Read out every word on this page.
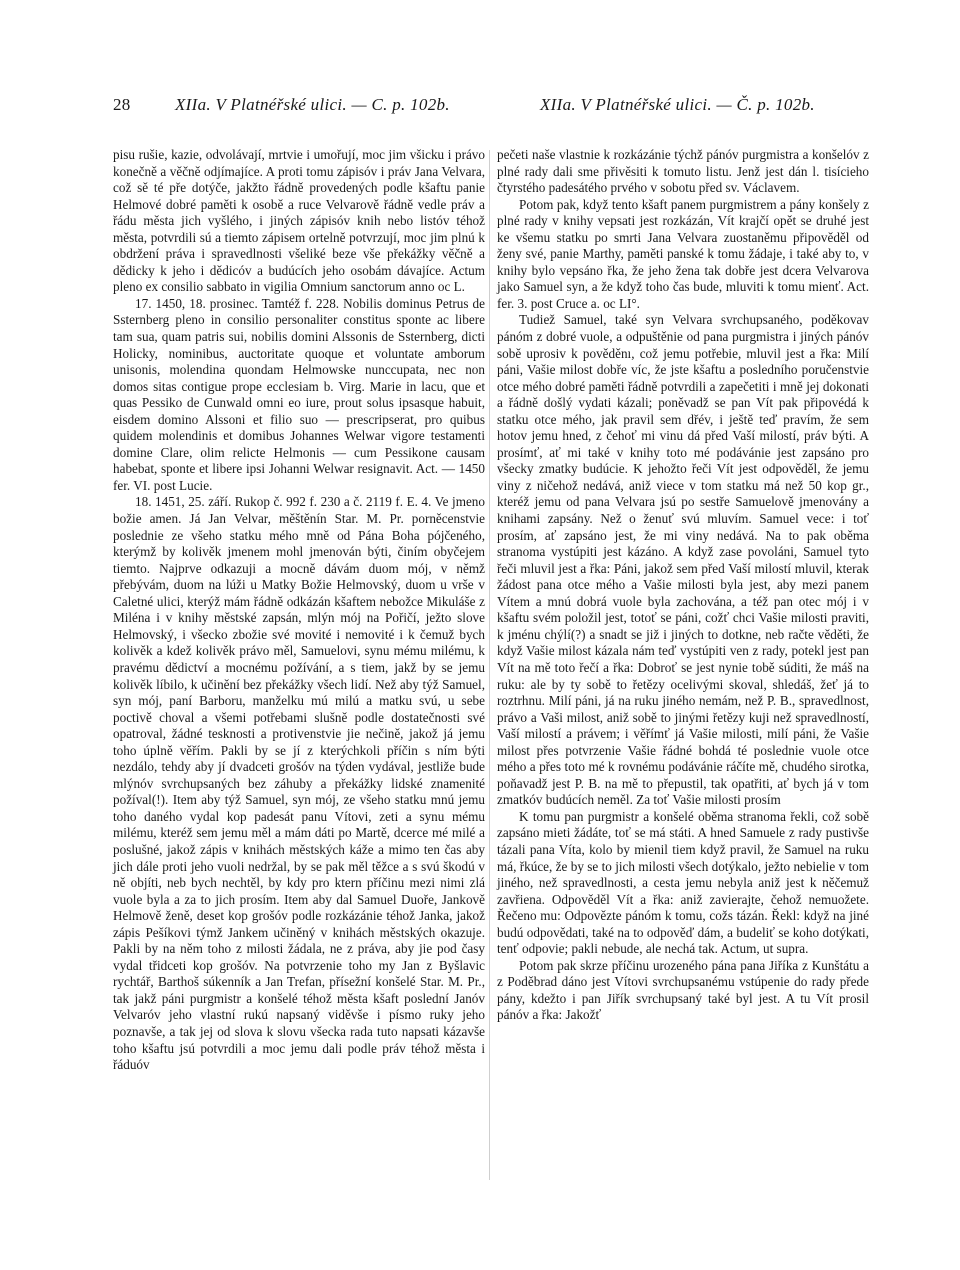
28	XIIa. V Platnéřské ulici. — C. p. 102b.	XIIa. V Platnéřské ulici. — Č. p. 102b.

pisu rušie, kazie, odvolávají, mrtvie i umořují, moc jim všicku i právo konečně a věčně odjímajíce. A proti tomu zápisóv i práv Jana Velvara, což sě té pře dotýče, jakžto řádně provedených podle kšaftu panie Helmové dobré paměti k osobě a ruce Velvarově řádně vedle práv a řádu města jich vyšlého, i jiných zápisóv knih nebo listóv téhož města, potvrdili sú a tiemto zápisem ortelně potvrzují, moc jim plnú k obdržení práva i spravedlnosti všeliké beze vše překážky věčně a dědicky k jeho i dědicóv a budúcích jeho osobám dávajíce. Actum pleno ex consilio sabbato in vigilia Omnium sanctorum anno oc L.

17. 1450, 18. prosinec. Tamtéž f. 228. Nobilis dominus Petrus de Ssternberg pleno in consilio personaliter constitus sponte ac libere tam sua, quam patris sui, nobilis domini Alssonis de Ssternberg, dicti Holicky, nominibus, auctoritate quoque et voluntate amborum unisonis, molendina quondam Helmowske nunccupata, nec non domos sitas contigue prope ecclesiam b. Virg. Marie in lacu, que et quas Pessiko de Cunwald omni eo iure, prout solus ipsasque habuit, eisdem domino Alssoni et filio suo — prescripserat, pro quibus quidem molendinis et domibus Johannes Welwar vigore testamenti domine Clare, olim relicte Helmonis — cum Pessikone causam habebat, sponte et libere ipsi Johanni Welwar resignavit. Act. — 1450 fer. VI. post Lucie.

18. 1451, 25. září. Rukop č. 992 f. 230 a č. 2119 f. E. 4. Ve jmeno božie amen. Já Jan Velvar, měštěnín Star. M. Pr. porněcenstvie poslednie ze všeho statku mého mně od Pána Boha pójčeného, kterýmž by kolivěk jmenem mohl jmenován býti, činím obyčejem tiemto. Najprve odkazuji a mocně dávám duom mój, v němž přebývám, duom na lúži u Matky Božie Helmovský, duom u vrše v Caletné ulici, kterýž mám řádně odkázán kšaftem nebožce Mikuláše z Miléna i v knihy městské zapsán, mlýn mój na Pořičí, ježto slove Helmovský, i všecko zbožie své movité i nemovité i k čemuž bych kolivěk a kdež kolivěk právo měl, Samuelovi, synu mému milému, k pravému dědictví a mocnému požívání, a s tiem, jakž by se jemu kolivěk líbilo, k učinění bez překážky všech lidí. Než aby týž Samuel, syn mój, paní Barboru, manželku mú milú a matku svú, u sebe poctivě choval a všemi potřebami slušně podle dostatečnosti své opatroval, žádné tesknosti a protivenstvie jie nečině, jakož já jemu toho úplně věřím. Pakli by se jí z kterýchkoli příčin s ním býti nezdálo, tehdy aby jí dvadceti grošóv na týden vydával, jestliže bude mlýnóv svrchupsaných bez záhuby a překážky lidské znamenité požíval(!). Item aby týž Samuel, syn mój, ze všeho statku mnú jemu toho daného vydal kop padesát panu Vítovi, zeti a synu mému milému, kteréž sem jemu měl a mám dáti po Martě, dcerce mé milé a poslušné, jakož zápis v knihách městských káže a mimo ten čas aby jich dále proti jeho vuoli nedržal, by se pak měl těžce a s svú škodú v ně objíti, neb bych nechtěl, by kdy pro ktern příčinu mezi nimi zlá vuole byla a za to jich prosím. Item aby dal Samuel Duoře, Jankově Helmově ženě, deset kop grošóv podle rozkázánie téhož Janka, jakož zápis Pešíkovi týmž Jankem učiněný v knihách městských okazuje. Pakli by na něm toho z milosti žádala, ne z práva, aby jie pod časy vydal třidceti kop grošóv. Na potvrzenie toho my Jan z Byšlavic rychtář, Barthoš súkenník a Jan Trefan, přísežní konšelé Star. M. Pr., tak jakž páni purgmistr a konšelé téhož města kšaft poslední Janóv Velvaróv jeho vlastní rukú napsaný viděvše i písmo ruky jeho poznavše, a tak jej od slova k slovu všecka rada tuto napsati kázavše toho kšaftu jsú potvrdili a moc jemu dali podle práv téhož města i řáduóv

pečeti naše vlastnie k rozkázánie týchž pánóv purgmistra a konšelóv z plné rady dali sme přivěsiti k tomuto listu. Jenž jest dán l. tisícieho čtyrstého padesátého prvého v sobotu před sv. Václavem.

Potom pak, když tento kšaft panem purgmistrem a pány konšely z plné rady v knihy vepsati jest rozkázán, Vít krajčí opět se druhé jest ke všemu statku po smrti Jana Velvara zuostaněmu připověděl od ženy své, panie Marthy, paměti panské k tomu žádaje, i také aby to, v knihy bylo vepsáno řka, že jeho žena tak dobře jest dcera Velvarova jako Samuel syn, a že když toho čas bude, mluviti k tomu mienť. Act. fer. 3. post Cruce a. oc LI°.

Tudiež Samuel, také syn Velvara svrchupsaného, poděkovav pánóm z dobré vuole, a odpuštěnie od pana purgmistra i jiných pánóv sobě uprosiv k pověděnı, což jemu potřebie, mluvil jest a řka: Milí páni, Vašie milost dobře víc, že jste kšaftu a posledního poručenstvie otce mého dobré paměti řádně potvrdili a zapečetiti i mně jej dokonati a řádně došlý vydati kázali; poněvadž se pan Vít pak připovédá k statku otce mého, jak pravil sem dřév, i ještě teď pravím, že sem hotov jemu hned, z čehoť mi vinu dá před Vaší milostí, práv býti. A prosímť, ať mi také v knihy toto mé podávánie jest zapsáno pro všecky zmatky budúcie. K jehožto řeči Vít jest odpověděl, že jemu viny z ničehož nedává, aniž viece v tom statku má než 50 kop gr., kteréž jemu od pana Velvara jsú po sestře Samuelově jmenovány a knihami zapsány. Než o ženuť svú mluvím. Samuel vece: i toť prosím, ať zapsáno jest, že mi viny nedává. Na to pak oběma stranoma vystúpiti jest kázáno. A když zase povoláni, Samuel tyto řeči mluvil jest a řka: Páni, jakož sem před Vaší milostí mluvil, kterak žádost pana otce mého a Vašie milosti byla jest, aby mezi panem Vítem a mnú dobrá vuole byla zachována, a též pan otec mój i v kšaftu svém položil jest, totoť se páni, cožť chci Vašie milosti praviti, k jménu chýlí(?) a snadt se již i jiných to dotkne, neb račte věděti, že když Vašie milost kázala nám teď vystúpiti ven z rady, potekl jest pan Vít na mě toto řečí a řka: Dobroť se jest nynie tobě súditi, že máš na ruku: ale by ty sobě to řetězy ocelivými skoval, shledáš, žeť já to roztrhnu. Milí páni, já na ruku jiného nemám, než P. B., spravedlnost, právo a Vaši milost, aniž sobě to jinými řetězy kuji než spravedlností, Vaší milostí a právem; i věřímť já Vašie milosti, milí páni, že Vašie milost přes potvrzenie Vašie řádné bohdá té poslednie vuole otce mého a přes toto mé k rovnému podávánie ráčíte mě, chudého sirotka, poňavadž jest P. B. na mě to přepustil, tak opatřiti, ať bych já v tom zmatkóv budúcích neměl. Za toť Vašie milosti prosím

K tomu pan purgmistr a konšelé oběma stranoma řekli, což sobě zapsáno mieti žádáte, toť se má státi. A hned Samuele z rady pustivše tázali pana Víta, kolo by mienil tiem když pravil, že Samuel na ruku má, řkúce, že by se to jich milosti všech dotýkalo, ježto nebielie v tom jiného, než spravedlnosti, a cesta jemu nebyla aniž jest k něčemuž zavřiena. Odpověděl Vít a řka: aniž zavierajte, čehož nemuožete. Řečeno mu: Odpovězte pánóm k tomu, cožs tázán. Řekl: když na jiné budú odpovědati, také na to odpověď dám, a budeliť se koho dotýkati, tenť odpovie; pakli nebude, ale nechá tak. Actum, ut supra.

Potom pak skrze příčinu urozeného pána pana Jiříka z Kunštátu a z Poděbrad dáno jest Vítovi svrchupsanému vstúpenie do rady přede pány, kdežto i pan Jiřík svrchupsaný také byl jest. A tu Vít prosil pánóv a řka: Jakožť
